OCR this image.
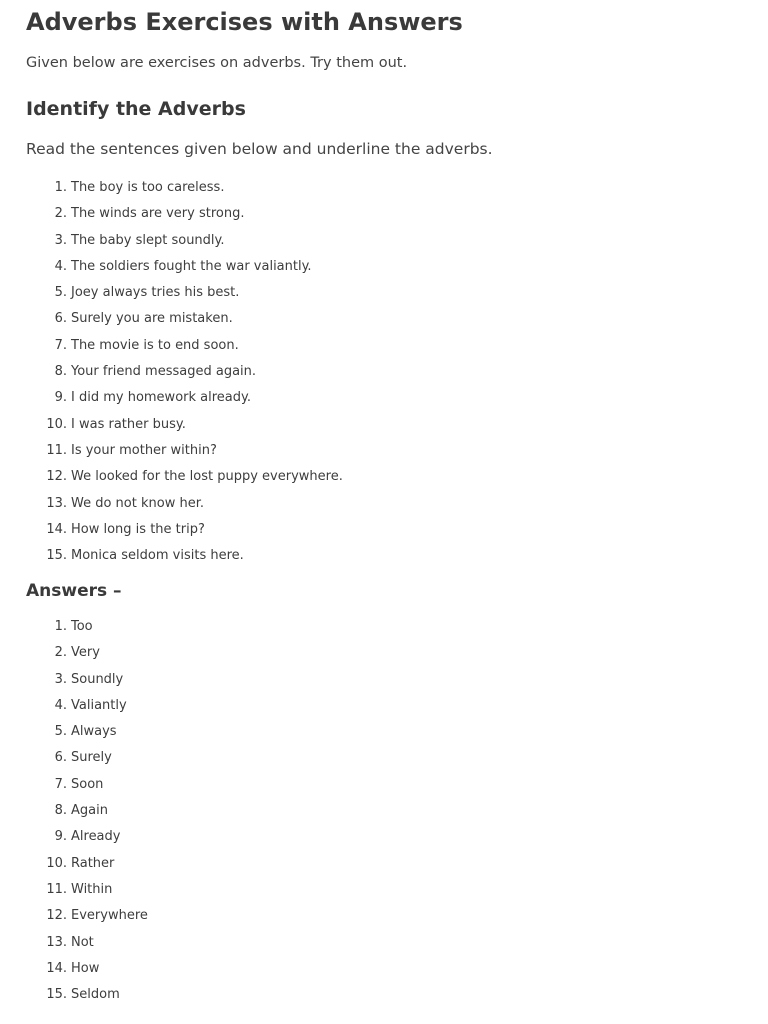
Adverbs Exercises with Answers

Given below are exercises on adverbs. Try them out.

Identify the Adverbs

Read the sentences given below and underline the adverbs.

1. The boy is too careless.
2. The winds are very strong.
3. The baby slept soundly.
4. The soldiers fought the war valiantly.
5. Joey always tries his best.
6. Surely you are mistaken.
7. The movie is to end soon.
8. Your friend messaged again.
9. I did my homework already.
10. I was rather busy.
11. Is your mother within?
12. We looked for the lost puppy everywhere.
13. We do not know her.
14. How long is the trip?
15. Monica seldom visits here.
Answers –
1. Too
2. Very
3. Soundly
4. Valiantly
5. Always
6. Surely
7. Soon
8. Again
9. Already
10. Rather
11. Within
12. Everywhere
13. Not
14. How
15. Seldom
